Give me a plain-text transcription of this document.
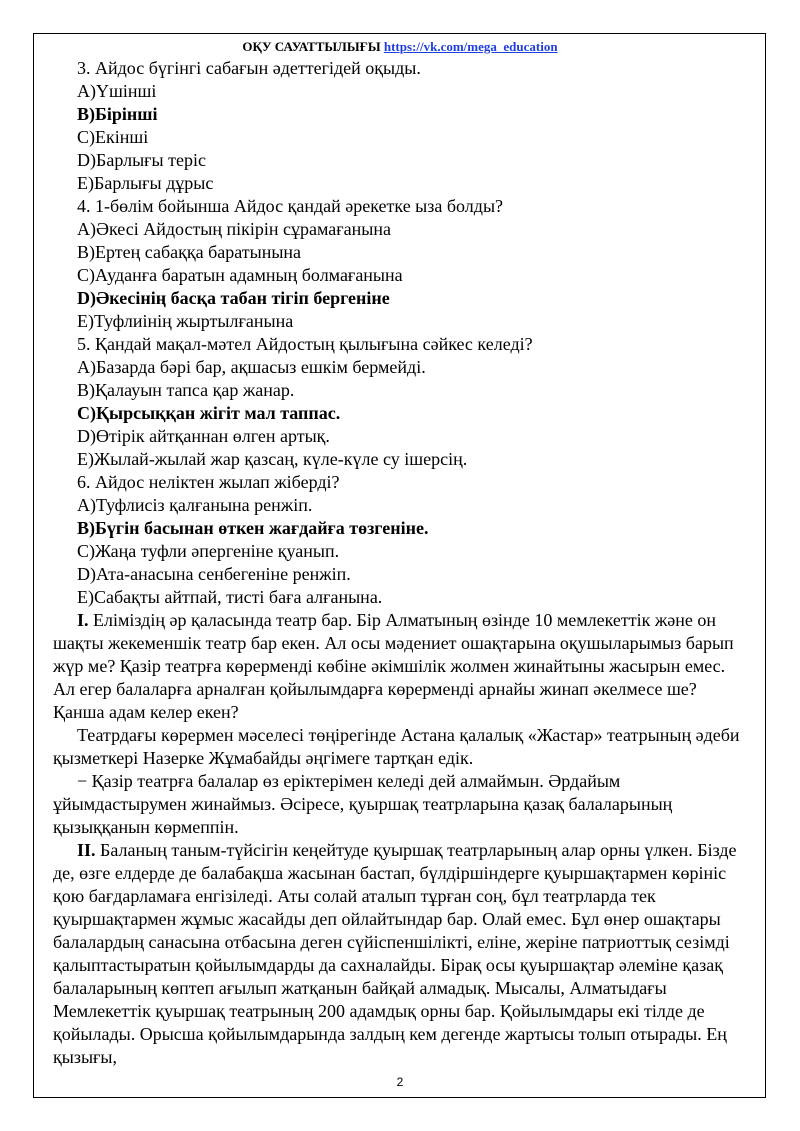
ОҚУ САУАТТЫЛЫҒЫ https://vk.com/mega_education

3. Айдос бүгінгі сабағын әдеттегідей оқыды.

A)Үшінші

B)Бірінші

C)Екінші

D)Барлығы теріс

E)Барлығы дұрыс

4. 1-бөлім бойынша Айдос қандай әрекетке ыза болды?

A)Әкесі Айдостың пікірін сұрамағанына

B)Ертең сабаққа баратынына

C)Ауданға баратын адамның болмағанына

D)Әкесінің басқа табан тігіп бергеніне

E)Туфлиінің жыртылғанына

5. Қандай мақал-мәтел Айдостың қылығына сәйкес келеді?

A)Базарда бәрі бар, ақшасыз ешкім бермейді.

B)Қалауын тапса қар жанар.

C)Қырсыққан жігіт мал таппас.

D)Өтірік айтқаннан өлген артық.

E)Жылай-жылай жар қазсаң, күле-күле су ішерсің.

6. Айдос неліктен жылап жіберді?

A)Туфлисіз қалғанына ренжіп.

B)Бүгін басынан өткен жағдайға төзгеніне.

C)Жаңа туфли әпергеніне қуанып.

D)Ата-анасына сенбегеніне ренжіп.

E)Сабақты айтпай, тисті баға алғанына.

I. Еліміздің әр қаласында театр бар. Бір Алматының өзінде 10 мемлекеттік және он шақты жекеменшік театр бар екен. Ал осы мәдениет ошақтарына оқушыларымыз барып жүр ме? Қазір театрға көрерменді көбіне әкімшілік жолмен жинайтыны жасырын емес. Ал егер балаларға арналған қойылымдарға көрерменді арнайы жинап әкелмесе ше? Қанша адам келер екен?

Театрдағы көрермен мәселесі төңірегінде Астана қалалық «Жастар» театрының әдеби қызметкері Назерке Жұмабайды әңгімеге тартқан едік.

− Қазір театрға балалар өз еріктерімен келеді дей алмаймын. Әрдайым ұйымдастырумен жинаймыз. Әсіресе, қуыршақ театрларына қазақ балаларының қызыққанын көрмеппін.

II. Баланың таным-түйсігін кеңейтуде қуыршақ театрларының алар орны үлкен. Бізде де, өзге елдерде де балабақша жасынан бастап, бүлдіршіндерге қуыршақтармен көрініс қою бағдарламаға енгізіледі. Аты солай аталып тұрған соң, бұл театрларда тек қуыршақтармен жұмыс жасайды деп ойлайтындар бар. Олай емес. Бұл өнер ошақтары балалардың санасына отбасына деген сүйіспеншілікті, еліне, жеріне патриоттық сезімді қалыптастыратын қойылымдарды да сахналайды. Бірақ осы қуыршақтар әлеміне қазақ балаларының көптеп ағылып жатқанын байқай алмадық. Мысалы, Алматыдағы Мемлекеттік қуыршақ театрының 200 адамдық орны бар. Қойылымдары екі тілде де қойылады. Орысша қойылымдарында залдың кем дегенде жартысы толып отырады. Ең қызығы,

2
